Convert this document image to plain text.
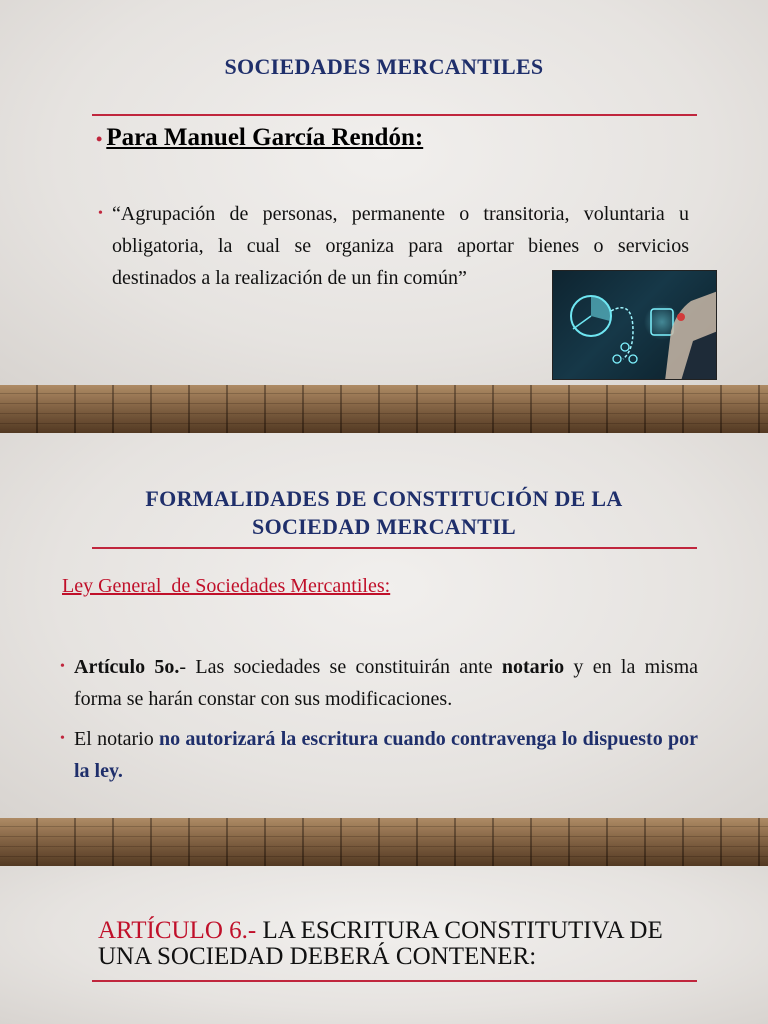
SOCIEDADES MERCANTILES
• Para Manuel García Rendón:
• “Agrupación de personas, permanente o transitoria, voluntaria u obligatoria, la cual se organiza para aportar bienes o servicios destinados a la realización de un fin común”
FORMALIDADES DE CONSTITUCIÓN DE LA
SOCIEDAD MERCANTIL
Ley General  de Sociedades Mercantiles:
• Artículo 5o.- Las sociedades se constituirán ante notario y en la misma forma se harán constar con sus modificaciones.
• El notario no autorizará la escritura cuando contravenga lo dispuesto por la ley.
ARTÍCULO 6.- LA ESCRITURA CONSTITUTIVA DE
UNA SOCIEDAD DEBERÁ CONTENER:
